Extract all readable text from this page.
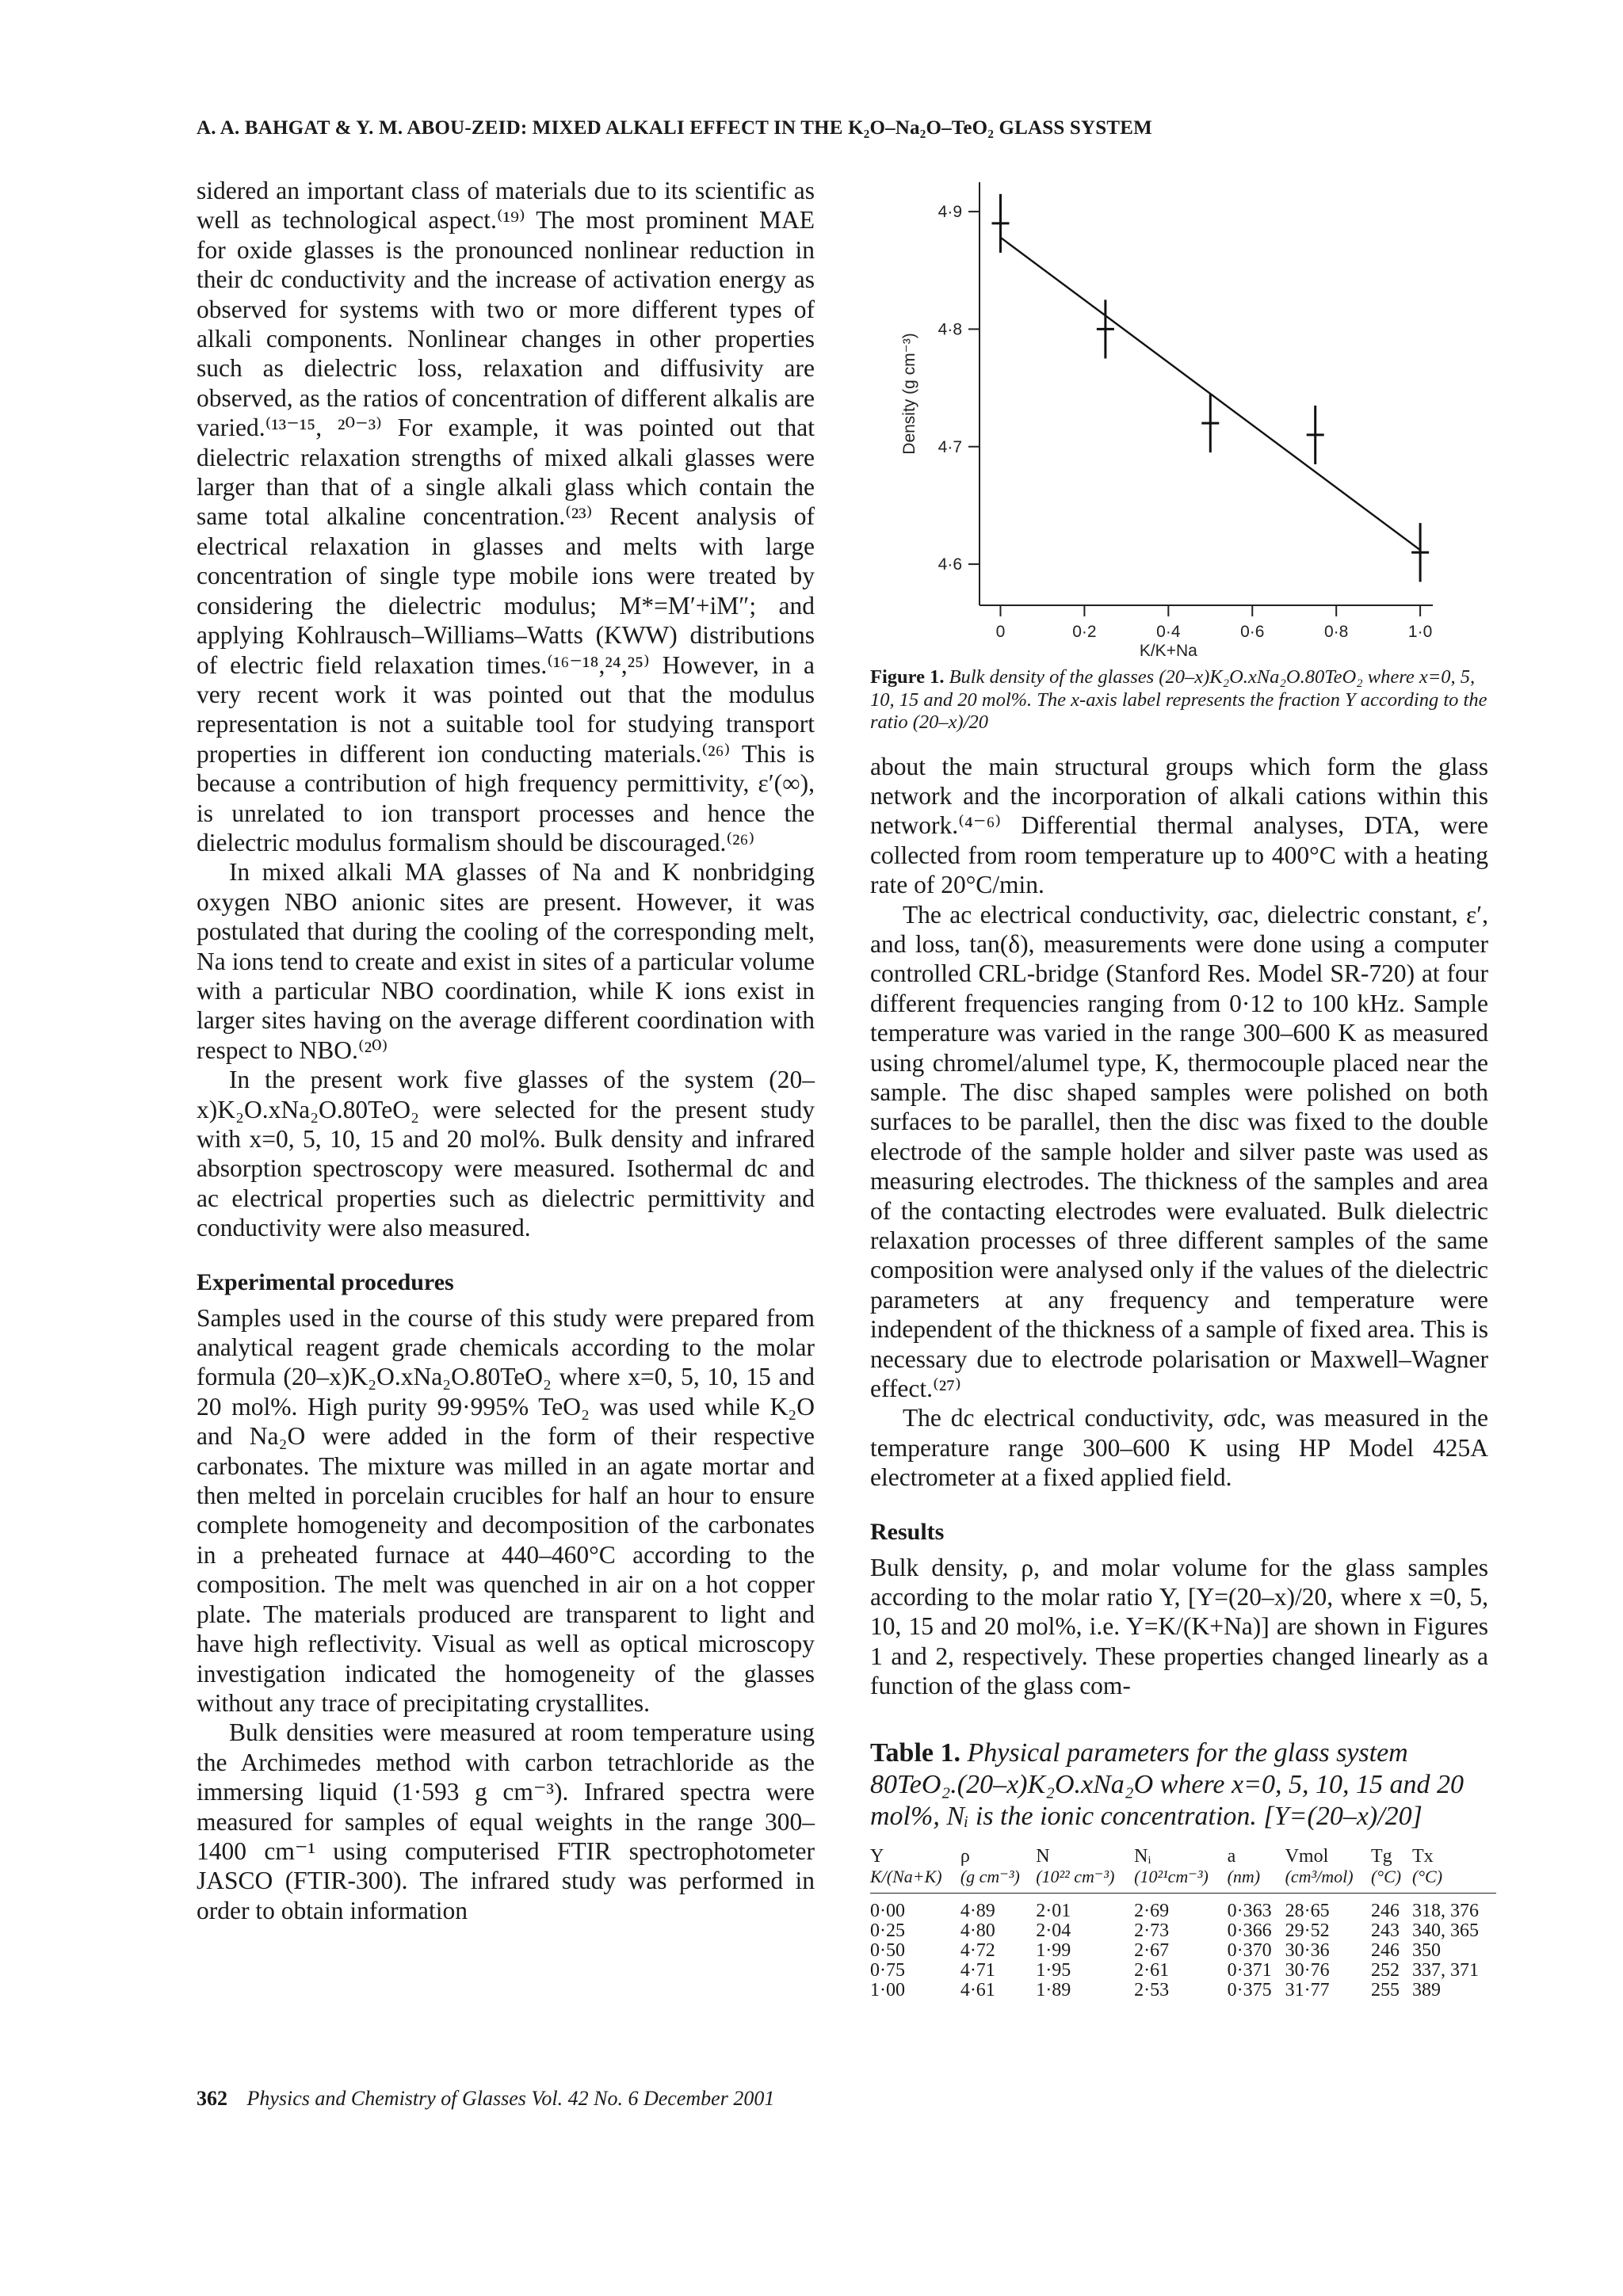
A. A. BAHGAT & Y. M. ABOU-ZEID: MIXED ALKALI EFFECT IN THE K₂O–Na₂O–TeO₂ GLASS SYSTEM

sidered an important class of materials due to its scientific as well as technological aspect.⁽¹⁹⁾ The most prominent MAE for oxide glasses is the pronounced nonlinear reduction in their dc conductivity and the increase of activation energy as observed for systems with two or more different types of alkali components. Nonlinear changes in other properties such as dielectric loss, relaxation and diffusivity are observed, as the ratios of concentration of different alkalis are varied.⁽¹³⁻¹⁵, ²⁰⁻³⁾ For example, it was pointed out that dielectric relaxation strengths of mixed alkali glasses were larger than that of a single alkali glass which contain the same total alkaline concentration.⁽²³⁾ Recent analysis of electrical relaxation in glasses and melts with large concentration of single type mobile ions were treated by considering the dielectric modulus; M*=M′+iM″; and applying Kohlrausch–Williams–Watts (KWW) distributions of electric field relaxation times.⁽¹⁶⁻¹⁸,²⁴,²⁵⁾ However, in a very recent work it was pointed out that the modulus representation is not a suitable tool for studying transport properties in different ion conducting materials.⁽²⁶⁾ This is because a contribution of high frequency permittivity, ε′(∞), is unrelated to ion transport processes and hence the dielectric modulus formalism should be discouraged.⁽²⁶⁾

In mixed alkali MA glasses of Na and K nonbridging oxygen NBO anionic sites are present. However, it was postulated that during the cooling of the corresponding melt, Na ions tend to create and exist in sites of a particular volume with a particular NBO coordination, while K ions exist in larger sites having on the average different coordination with respect to NBO.⁽²⁰⁾

In the present work five glasses of the system (20–x)K₂O.xNa₂O.80TeO₂ were selected for the present study with x=0, 5, 10, 15 and 20 mol%. Bulk density and infrared absorption spectroscopy were measured. Isothermal dc and ac electrical properties such as dielectric permittivity and conductivity were also measured.

Experimental procedures

Samples used in the course of this study were prepared from analytical reagent grade chemicals according to the molar formula (20–x)K₂O.xNa₂O.80TeO₂ where x=0, 5, 10, 15 and 20 mol%. High purity 99·995% TeO₂ was used while K₂O and Na₂O were added in the form of their respective carbonates. The mixture was milled in an agate mortar and then melted in porcelain crucibles for half an hour to ensure complete homogeneity and decomposition of the carbonates in a preheated furnace at 440–460°C according to the composition. The melt was quenched in air on a hot copper plate. The materials produced are transparent to light and have high reflectivity. Visual as well as optical microscopy investigation indicated the homogeneity of the glasses without any trace of precipitating crystallites.

Bulk densities were measured at room temperature using the Archimedes method with carbon tetrachloride as the immersing liquid (1·593 g cm⁻³). Infrared spectra were measured for samples of equal weights in the range 300–1400 cm⁻¹ using computerised FTIR spectrophotometer JASCO (FTIR-300). The infrared study was performed in order to obtain information

4·6
4·7
4·8
4·9
0	0·2	0·4	0·6	0·8	1·0
K/K+Na
Density (g cm⁻³)
Figure 1. Bulk density of the glasses (20–x)K₂O.xNa₂O.80TeO₂ where x=0, 5, 10, 15 and 20 mol%. The x-axis label represents the fraction Y according to the ratio (20–x)/20

about the main structural groups which form the glass network and the incorporation of alkali cations within this network.⁽⁴⁻⁶⁾ Differential thermal analyses, DTA, were collected from room temperature up to 400°C with a heating rate of 20°C/min.

The ac electrical conductivity, σac, dielectric constant, ε′, and loss, tan(δ), measurements were done using a computer controlled CRL-bridge (Stanford Res. Model SR-720) at four different frequencies ranging from 0·12 to 100 kHz. Sample temperature was varied in the range 300–600 K as measured using chromel/alumel type, K, thermocouple placed near the sample. The disc shaped samples were polished on both surfaces to be parallel, then the disc was fixed to the double electrode of the sample holder and silver paste was used as measuring electrodes. The thickness of the samples and area of the contacting electrodes were evaluated. Bulk dielectric relaxation processes of three different samples of the same composition were analysed only if the values of the dielectric parameters at any frequency and temperature were independent of the thickness of a sample of fixed area. This is necessary due to electrode polarisation or Maxwell–Wagner effect.⁽²⁷⁾

The dc electrical conductivity, σdc, was measured in the temperature range 300–600 K using HP Model 425A electrometer at a fixed applied field.

Results

Bulk density, ρ, and molar volume for the glass samples according to the molar ratio Y, [Y=(20–x)/20, where x =0, 5, 10, 15 and 20 mol%, i.e. Y=K/(K+Na)] are shown in Figures 1 and 2, respectively. These properties changed linearly as a function of the glass com-

Table 1. Physical parameters for the glass system 80TeO₂.(20–x)K₂O.xNa₂O where x=0, 5, 10, 15 and 20 mol%, Nᵢ is the ionic concentration. [Y=(20–x)/20]
Y	ρ	N	Nᵢ	a	Vmol	Tg	Tx
K/(Na+K)	(g cm⁻³)	(10²² cm⁻³)	(10²¹cm⁻³)	(nm)	(cm³/mol)	(°C)	(°C)
0·00	4·89	2·01	2·69	0·363	28·65	246	318, 376
0·25	4·80	2·04	2·73	0·366	29·52	243	340, 365
0·50	4·72	1·99	2·67	0·370	30·36	246	350
0·75	4·71	1·95	2·61	0·371	30·76	252	337, 371
1·00	4·61	1·89	2·53	0·375	31·77	255	389
362 Physics and Chemistry of Glasses Vol. 42 No. 6 December 2001
